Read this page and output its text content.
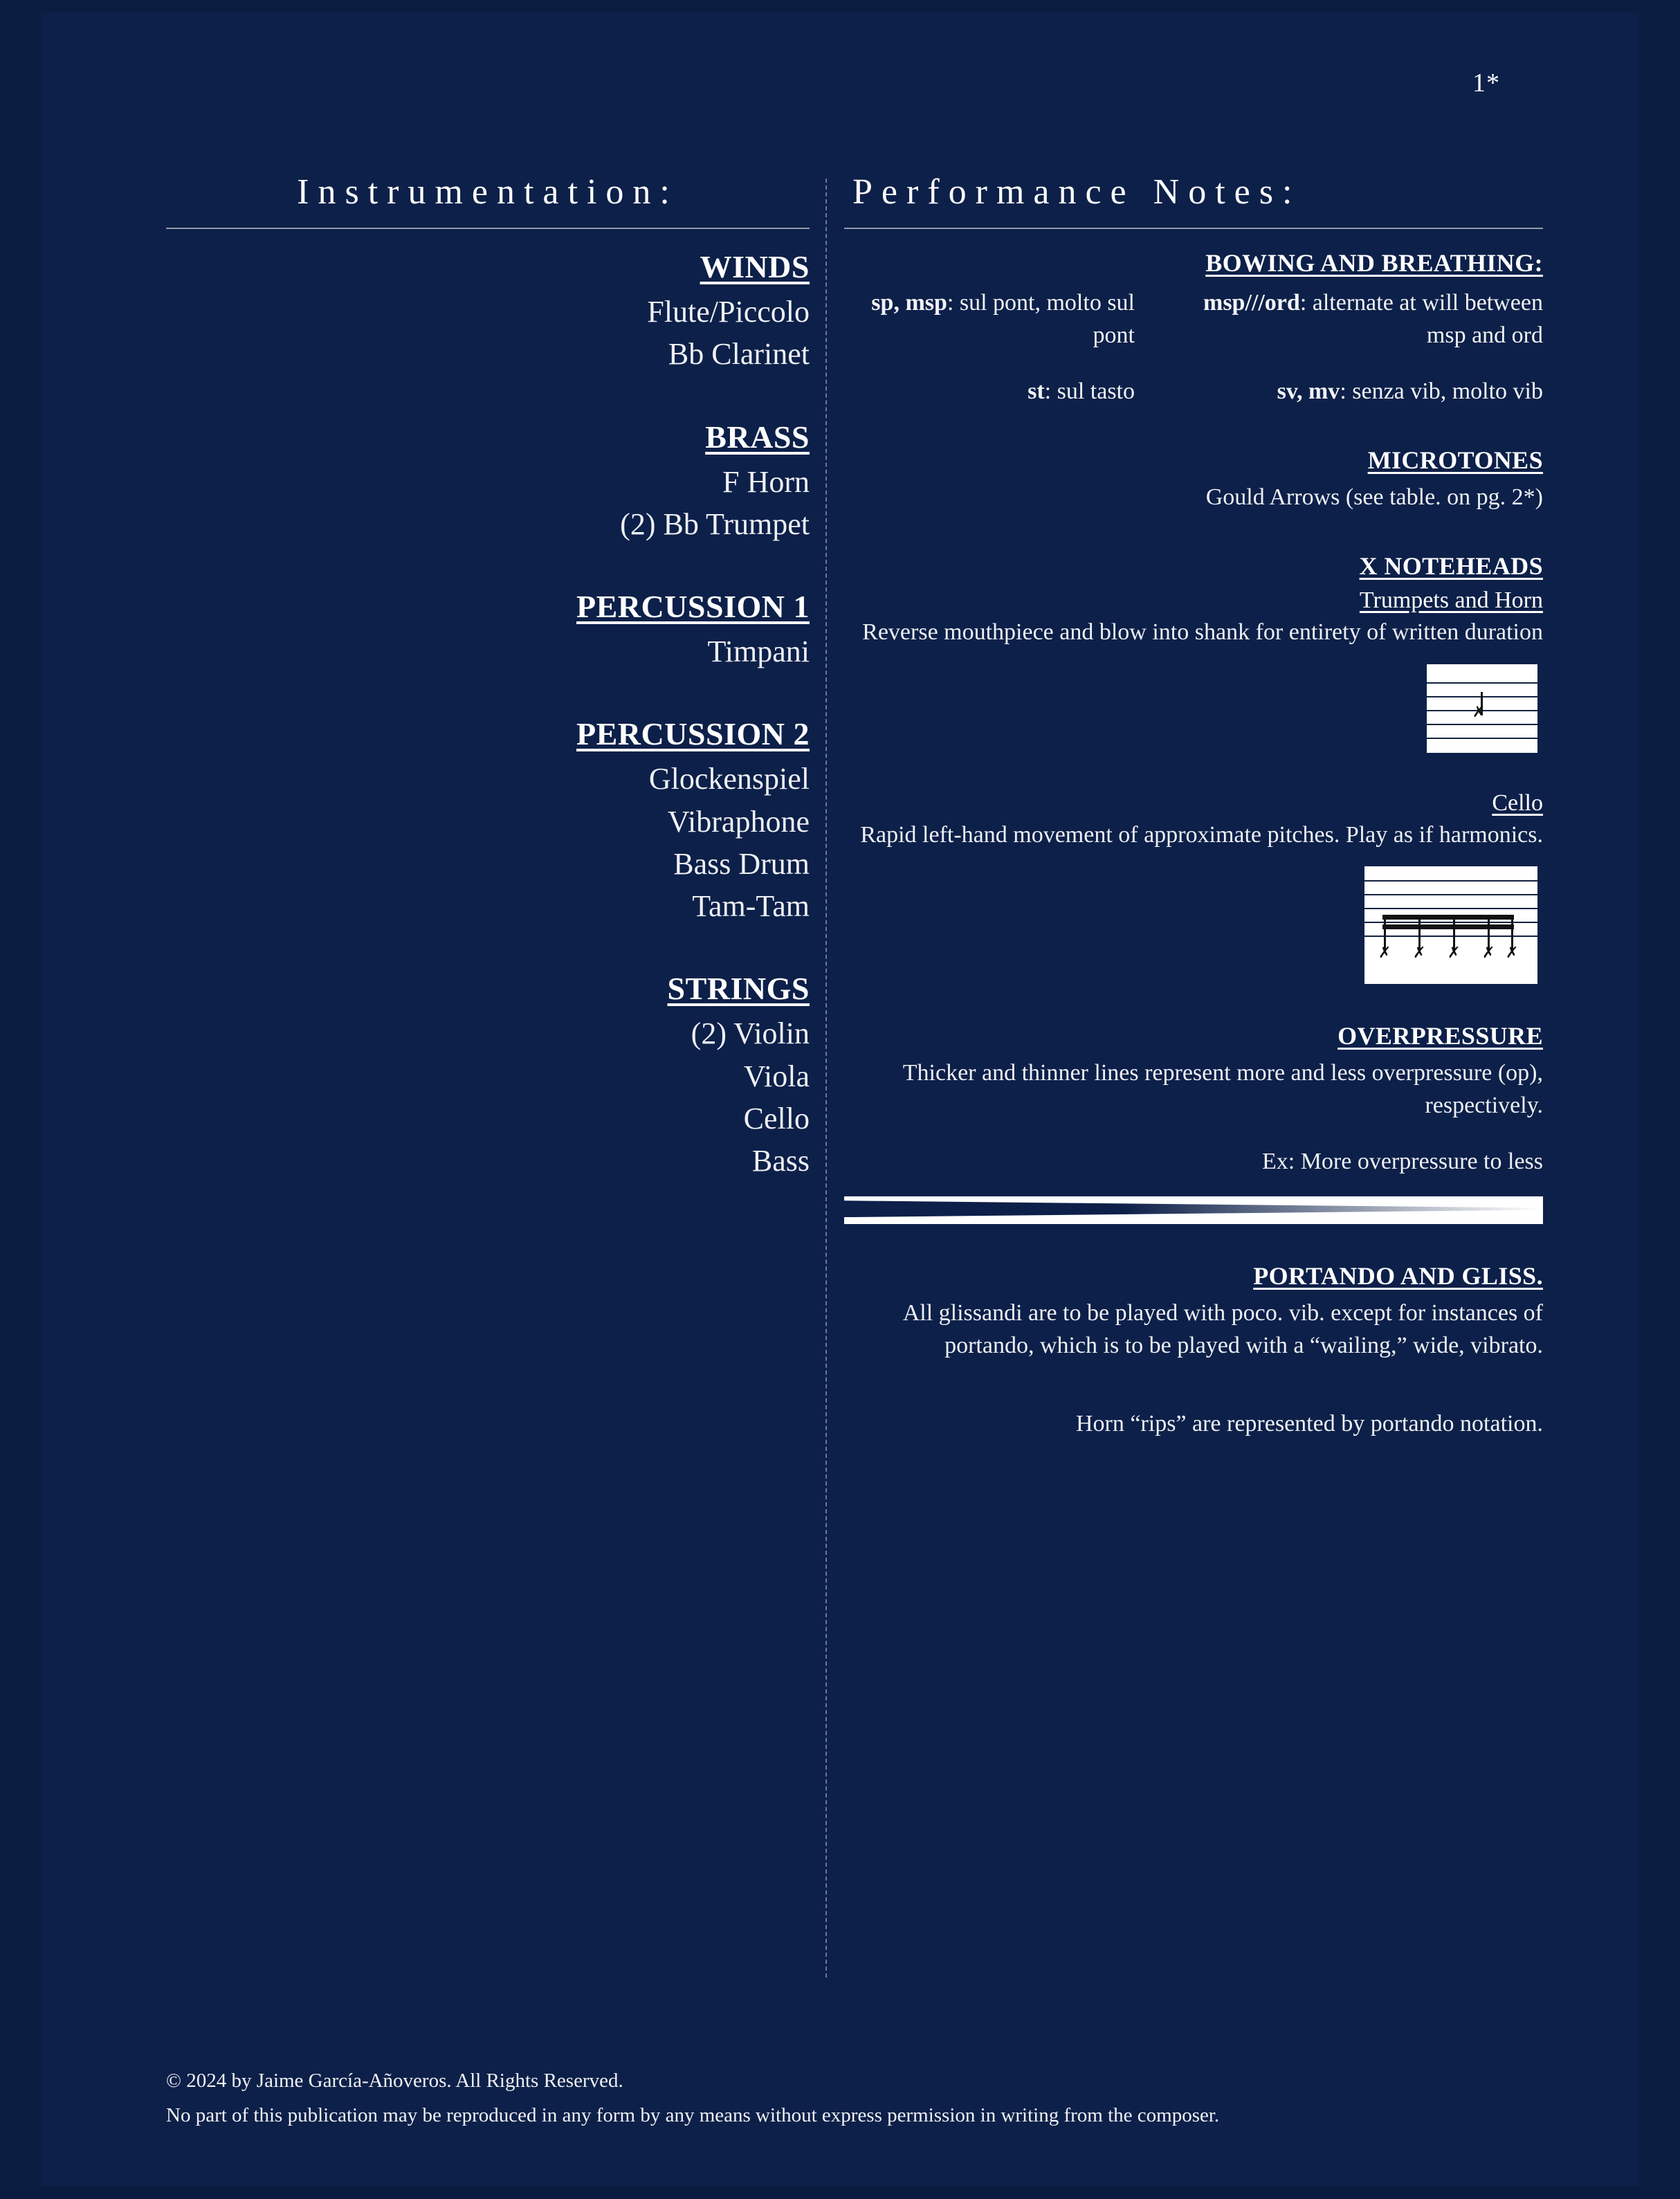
1*
Instrumentation:

WINDS

Flute/Piccolo

Bb Clarinet

BRASS

F Horn

(2) Bb Trumpet

PERCUSSION 1

Timpani

PERCUSSION 2

Glockenspiel

Vibraphone

Bass Drum

Tam-Tam

STRINGS

(2) Violin

Viola

Cello

Bass

Performance Notes:

BOWING AND BREATHING:

sp, msp: sul pont, molto sul pont
msp///ord: alternate at will between msp and ord
st: sul tasto	sv, mv: senza vib, molto vib

MICROTONES

Gould Arrows (see table. on pg. 2*)

X NOTEHEADS

Trumpets and Horn

Reverse mouthpiece and blow into shank for entirety of written duration

✗

Cello

Rapid left-hand movement of approximate pitches. Play as if harmonics.

✗ ✗ ✗ ✗ ✗

OVERPRESSURE

Thicker and thinner lines represent more and less overpressure (op), respectively.

Ex: More overpressure to less

PORTANDO AND GLISS.

All glissandi are to be played with poco. vib. except for instances of portando, which is to be played with a “wailing,” wide, vibrato.

Horn “rips” are represented by portando notation.

© 2024 by Jaime García-Añoveros. All Rights Reserved.

No part of this publication may be reproduced in any form by any means without express permission in writing from the composer.
